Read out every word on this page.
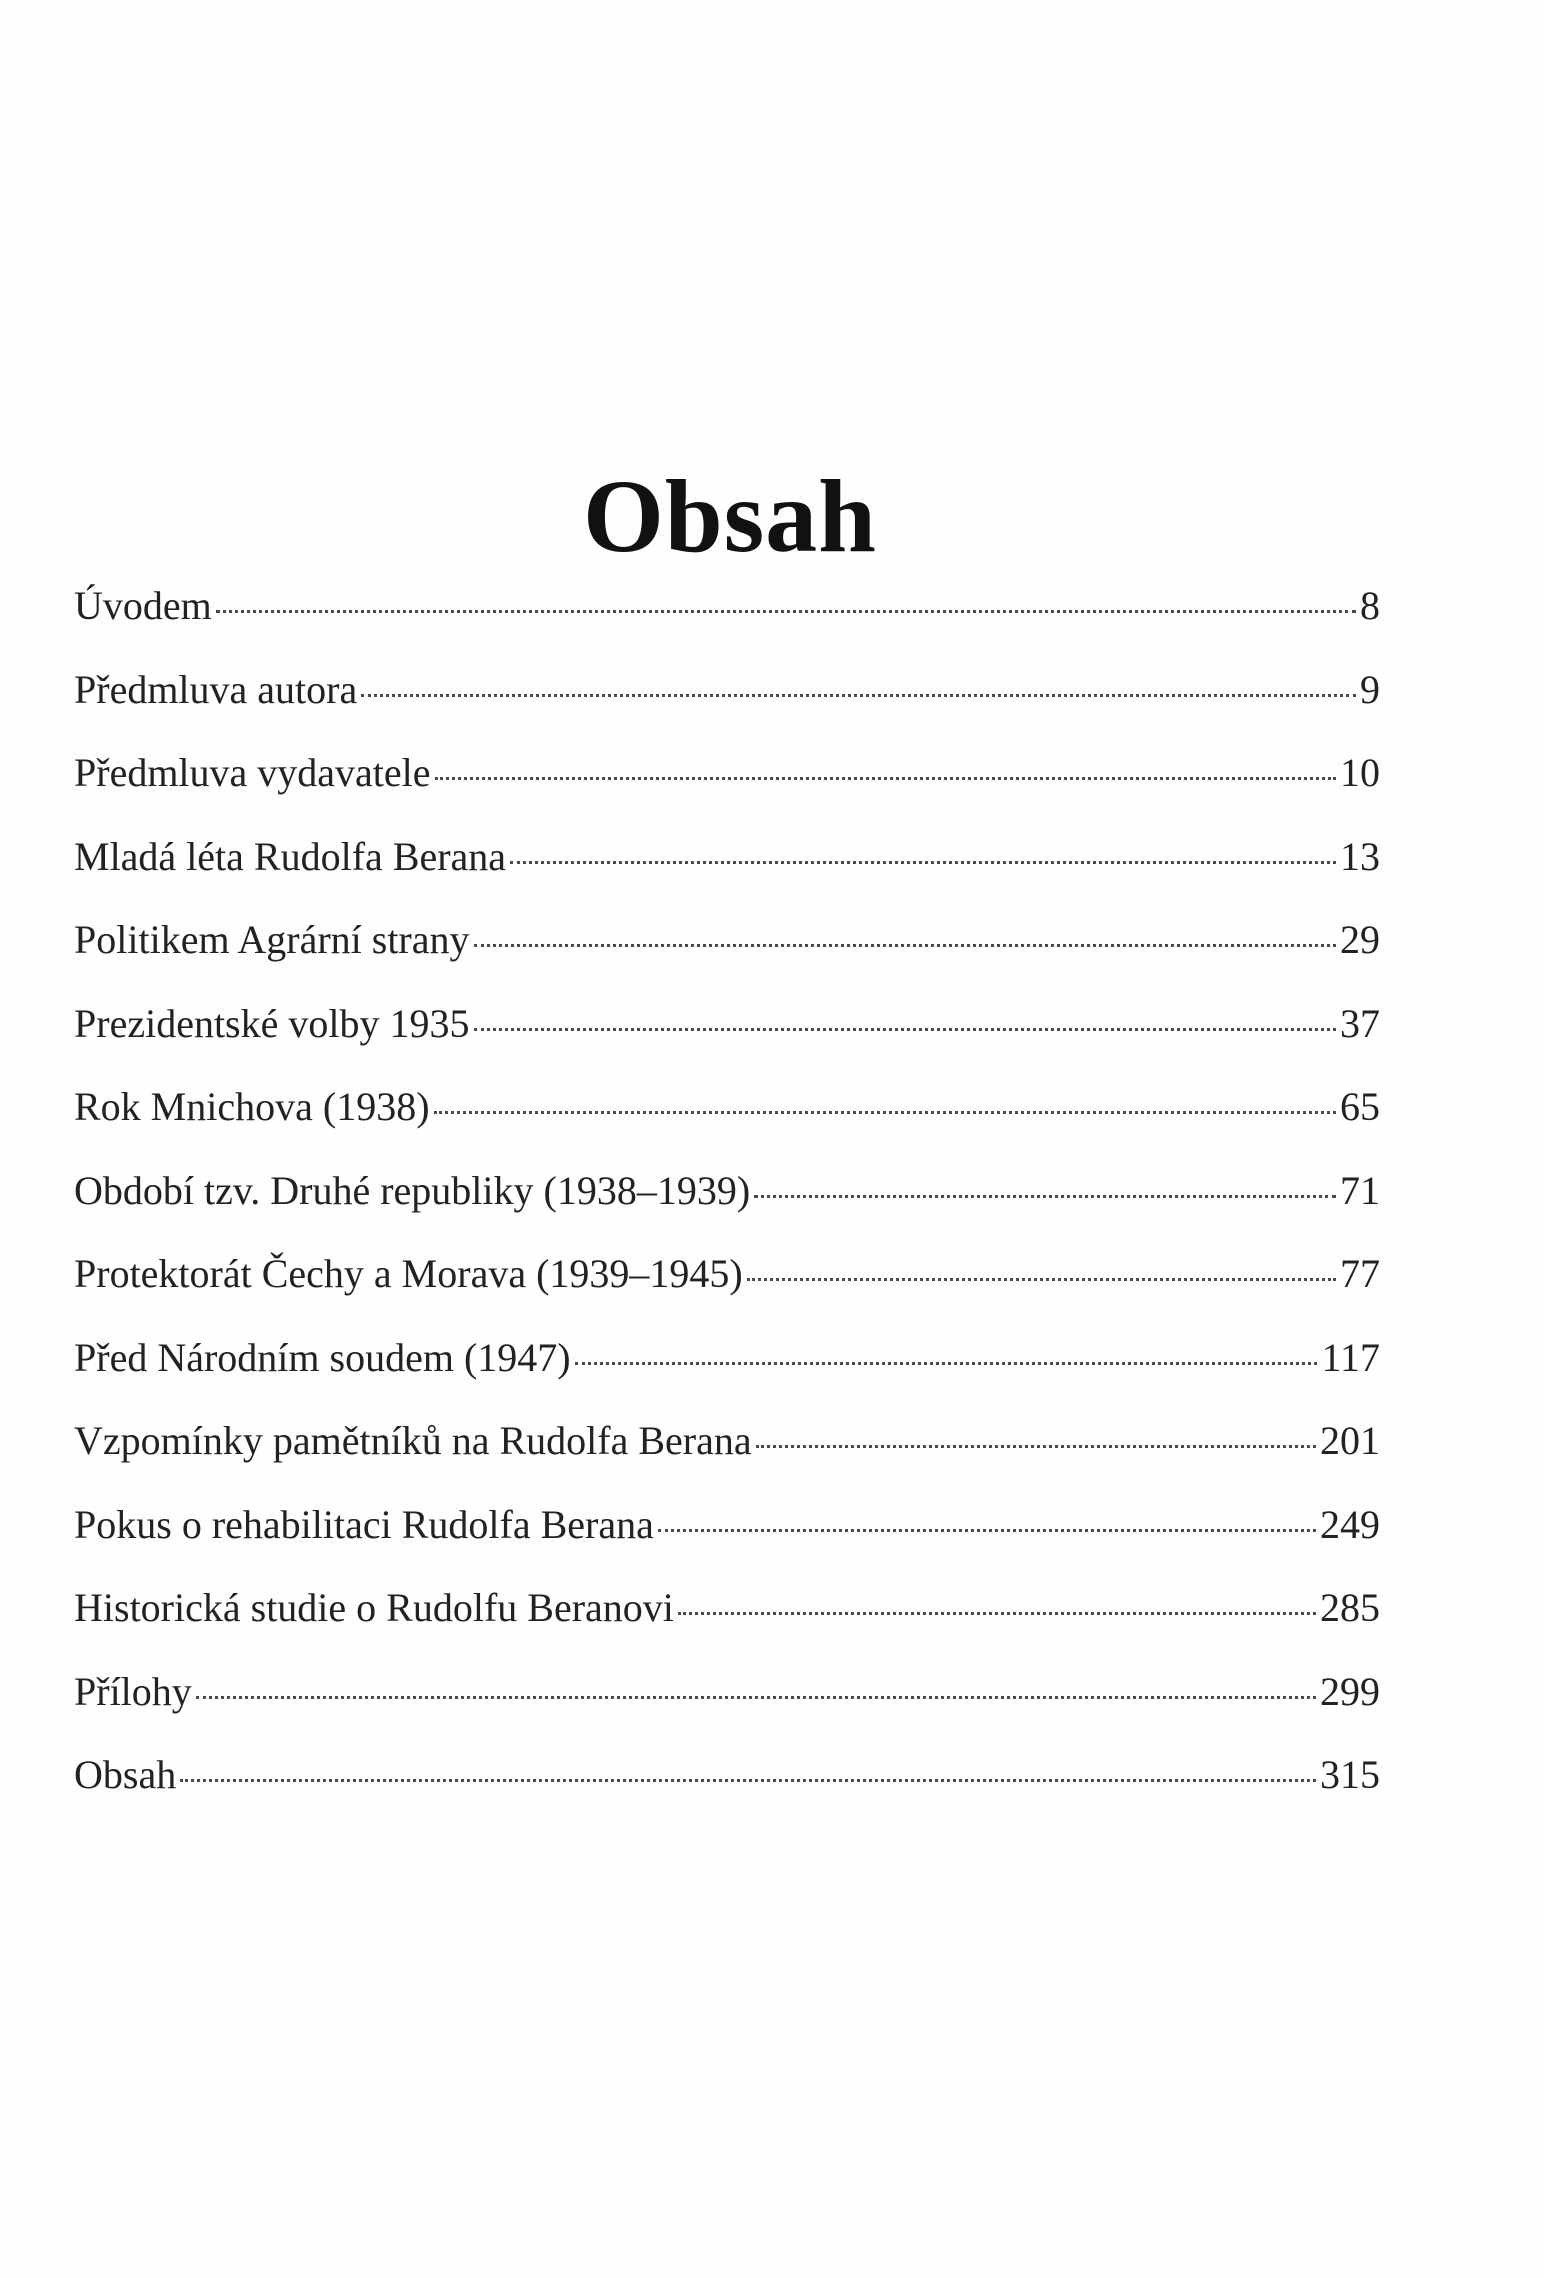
Obsah
Úvodem	8
Předmluva autora	9
Předmluva vydavatele	10
Mladá léta Rudolfa Berana	13
Politikem Agrární strany	29
Prezidentské volby 1935	37
Rok Mnichova (1938)	65
Období tzv. Druhé republiky (1938–1939)	71
Protektorát Čechy a Morava (1939–1945)	77
Před Národním soudem (1947)	117
Vzpomínky pamětníků na Rudolfa Berana	201
Pokus o rehabilitaci Rudolfa Berana	249
Historická studie o Rudolfu Beranovi	285
Přílohy	299
Obsah	315
